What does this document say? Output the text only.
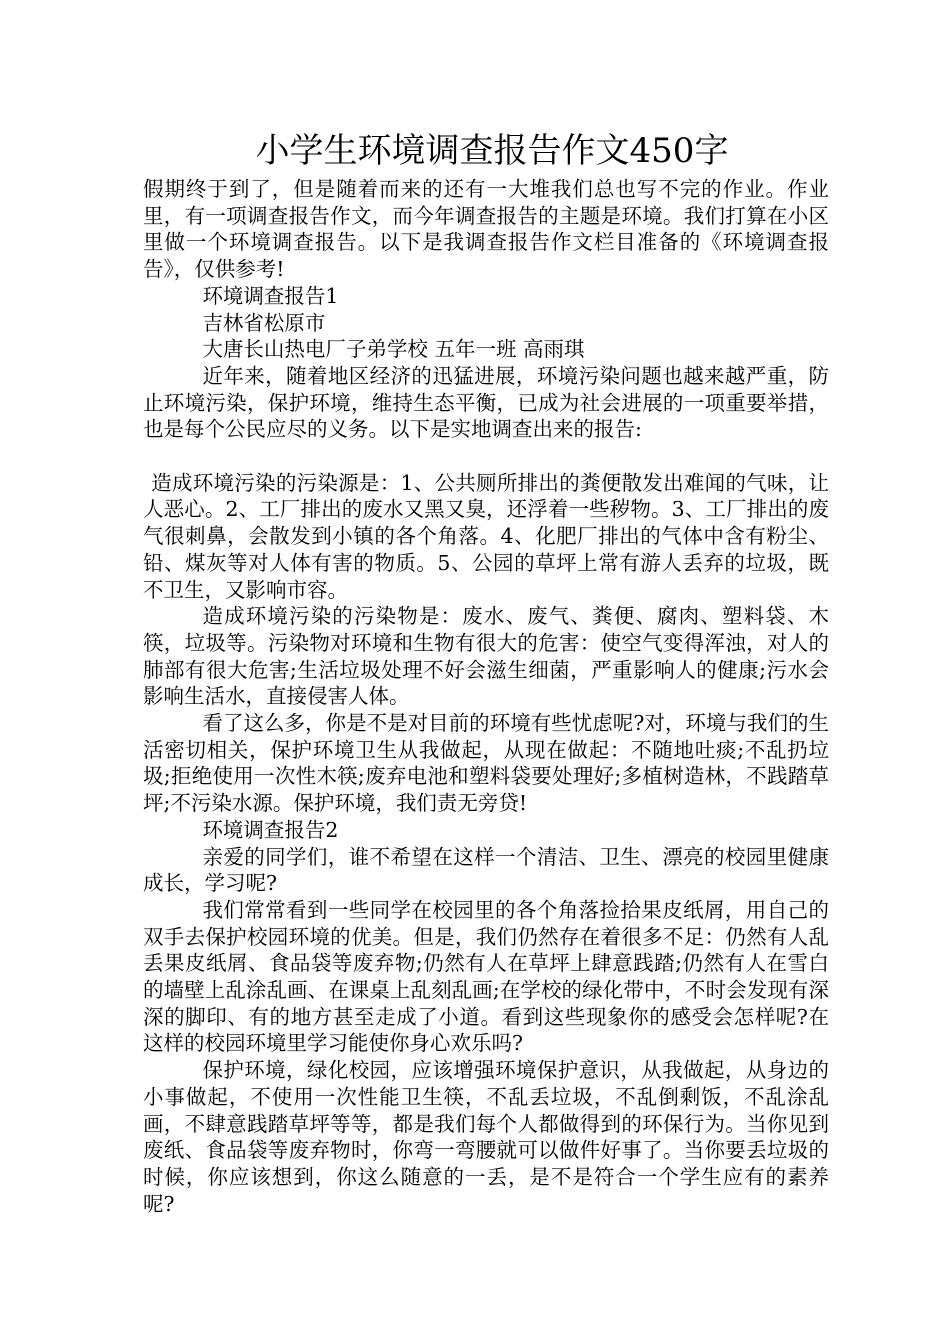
小学生环境调查报告作文450字

假期终于到了，但是随着而来的还有一大堆我们总也写不完的作业。作业里，有一项调查报告作文，而今年调查报告的主题是环境。我们打算在小区里做一个环境调查报告。以下是我调查报告作文栏目准备的《环境调查报告》，仅供参考!

环境调查报告1

吉林省松原市

大唐长山热电厂子弟学校 五年一班 高雨琪

近年来，随着地区经济的迅猛进展，环境污染问题也越来越严重，防止环境污染，保护环境，维持生态平衡，已成为社会进展的一项重要举措，也是每个公民应尽的义务。以下是实地调查出来的报告:

造成环境污染的污染源是：1、公共厕所排出的粪便散发出难闻的气味，让人恶心。2、工厂排出的废水又黑又臭，还浮着一些秽物。3、工厂排出的废气很刺鼻，会散发到小镇的各个角落。4、化肥厂排出的气体中含有粉尘、铅、煤灰等对人体有害的物质。5、公园的草坪上常有游人丢弃的垃圾，既不卫生，又影响市容。

造成环境污染的污染物是：废水、废气、粪便、腐肉、塑料袋、木筷，垃圾等。污染物对环境和生物有很大的危害：使空气变得浑浊，对人的肺部有很大危害;生活垃圾处理不好会滋生细菌，严重影响人的健康;污水会影响生活水，直接侵害人体。

看了这么多，你是不是对目前的环境有些忧虑呢?对，环境与我们的生活密切相关，保护环境卫生从我做起，从现在做起：不随地吐痰;不乱扔垃圾;拒绝使用一次性木筷;废弃电池和塑料袋要处理好;多植树造林，不践踏草坪;不污染水源。保护环境，我们责无旁贷!

环境调查报告2

亲爱的同学们，谁不希望在这样一个清洁、卫生、漂亮的校园里健康成长，学习呢?

我们常常看到一些同学在校园里的各个角落捡拾果皮纸屑，用自己的双手去保护校园环境的优美。但是，我们仍然存在着很多不足：仍然有人乱丢果皮纸屑、食品袋等废弃物;仍然有人在草坪上肆意践踏;仍然有人在雪白的墙壁上乱涂乱画、在课桌上乱刻乱画;在学校的绿化带中，不时会发现有深深的脚印、有的地方甚至走成了小道。看到这些现象你的感受会怎样呢?在这样的校园环境里学习能使你身心欢乐吗?

保护环境，绿化校园，应该增强环境保护意识，从我做起，从身边的小事做起，不使用一次性能卫生筷，不乱丢垃圾，不乱倒剩饭，不乱涂乱画，不肆意践踏草坪等等，都是我们每个人都做得到的环保行为。当你见到废纸、食品袋等废弃物时，你弯一弯腰就可以做件好事了。当你要丢垃圾的时候，你应该想到，你这么随意的一丢，是不是符合一个学生应有的素养呢?
